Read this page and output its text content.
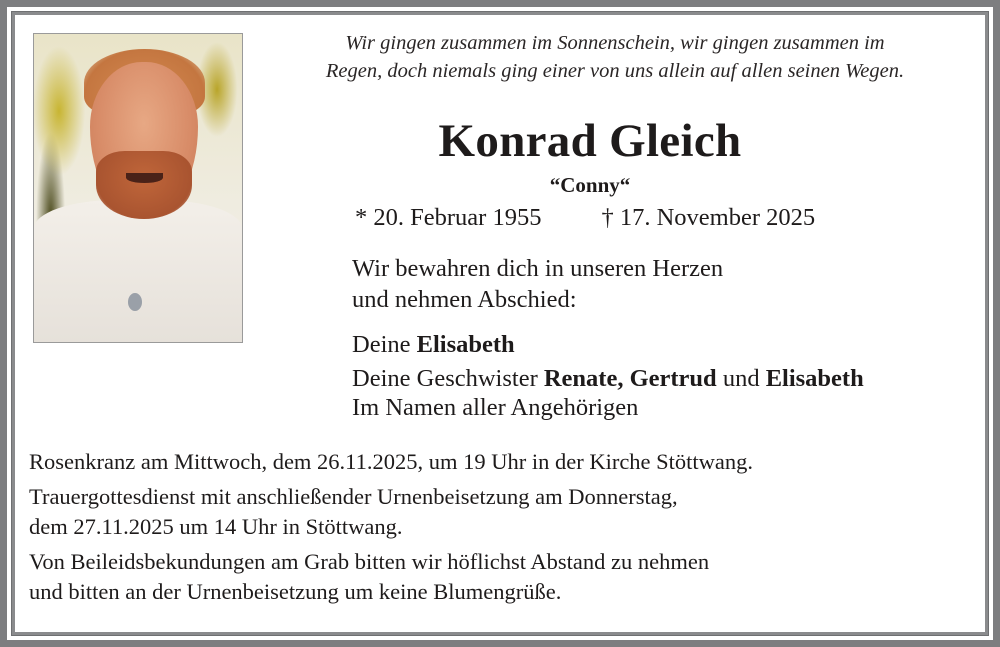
Wir gingen zusammen im Sonnenschein, wir gingen zusammen im
Regen, doch niemals ging einer von uns allein auf allen seinen Wegen.
Konrad Gleich
“Conny“
* 20. Februar 1955 † 17. November 2025
Wir bewahren dich in unseren Herzen
und nehmen Abschied:
Deine Elisabeth
Deine Geschwister Renate, Gertrud und Elisabeth
Im Namen aller Angehörigen
Rosenkranz am Mittwoch, dem 26.11.2025, um 19 Uhr in der Kirche Stöttwang.
Trauergottesdienst mit anschließender Urnenbeisetzung am Donnerstag,
dem 27.11.2025 um 14 Uhr in Stöttwang.
Von Beileidsbekundungen am Grab bitten wir höflichst Abstand zu nehmen
und bitten an der Urnenbeisetzung um keine Blumengrüße.
